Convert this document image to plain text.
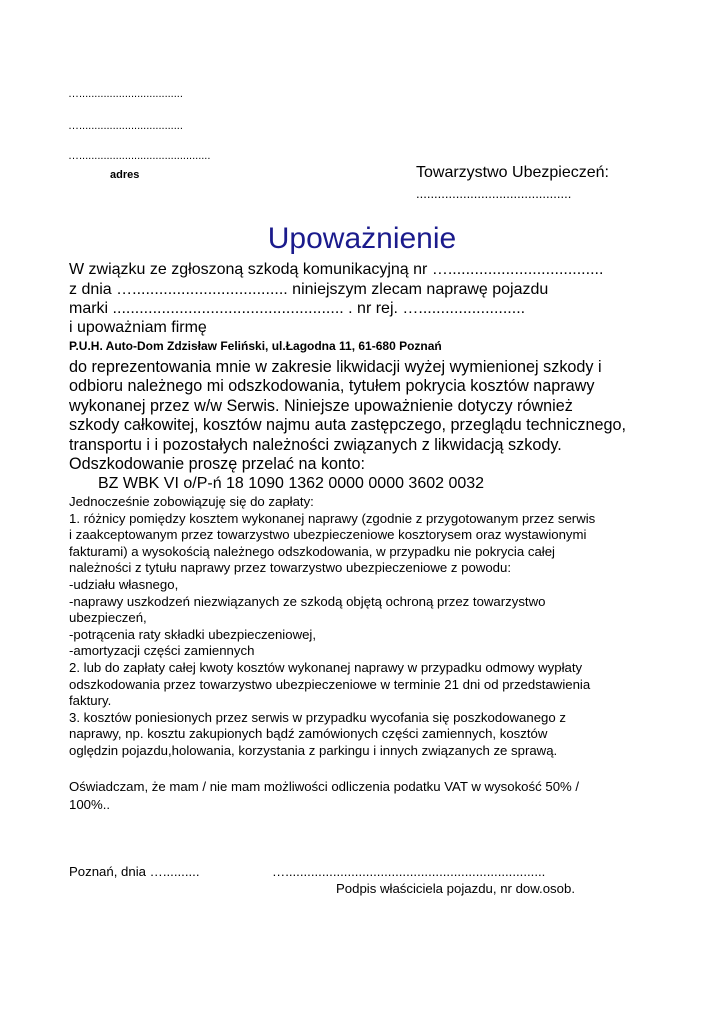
…..................................
…..................................
…...........................................
adres	Towarzystwo Ubezpieczeń:
...........................................
Upoważnienie
W związku ze zgłoszoną szkodą komunikacyjną nr …...................................
z dnia …................................... niniejszym zlecam naprawę pojazdu
marki .................................................... . nr rej. …........................
i upoważniam firmę
P.U.H. Auto-Dom Zdzisław Feliński, ul.Łagodna 11, 61-680 Poznań
do reprezentowania mnie w zakresie likwidacji wyżej wymienionej szkody i
odbioru należnego mi odszkodowania, tytułem pokrycia kosztów naprawy
wykonanej przez w/w Serwis. Niniejsze upoważnienie dotyczy również
szkody całkowitej, kosztów najmu auta zastępczego, przeglądu technicznego,
transportu i i pozostałych należności związanych z likwidacją szkody.
Odszkodowanie proszę przelać na konto:
BZ WBK VI o/P-ń 18 1090 1362 0000 0000 3602 0032
Jednocześnie zobowiązuję się do zapłaty:
1. różnicy pomiędzy kosztem wykonanej naprawy (zgodnie z przygotowanym przez serwis
i zaakceptowanym przez towarzystwo ubezpieczeniowe kosztorysem oraz wystawionymi
fakturami) a wysokością należnego odszkodowania, w przypadku nie pokrycia całej
należności z tytułu naprawy przez towarzystwo ubezpieczeniowe z powodu:
-udziału własnego,
-naprawy uszkodzeń niezwiązanych ze szkodą objętą ochroną przez towarzystwo
ubezpieczeń,
-potrącenia raty składki ubezpieczeniowej,
-amortyzacji części zamiennych
2. lub do zapłaty całej kwoty kosztów wykonanej naprawy w przypadku odmowy wypłaty
odszkodowania przez towarzystwo ubezpieczeniowe w terminie 21 dni od przedstawienia
faktury.
3. kosztów poniesionych przez serwis w przypadku wycofania się poszkodowanego z
naprawy, np. kosztu zakupionych bądź zamówionych części zamiennych, kosztów
oględzin pojazdu,holowania, korzystania z parkingu i innych związanych ze sprawą.
Oświadczam, że mam / nie mam możliwości odliczenia podatku VAT w wysokość 50% /
100%..
Poznań, dnia …..........	….......................................................................
Podpis właściciela pojazdu, nr dow.osob.
